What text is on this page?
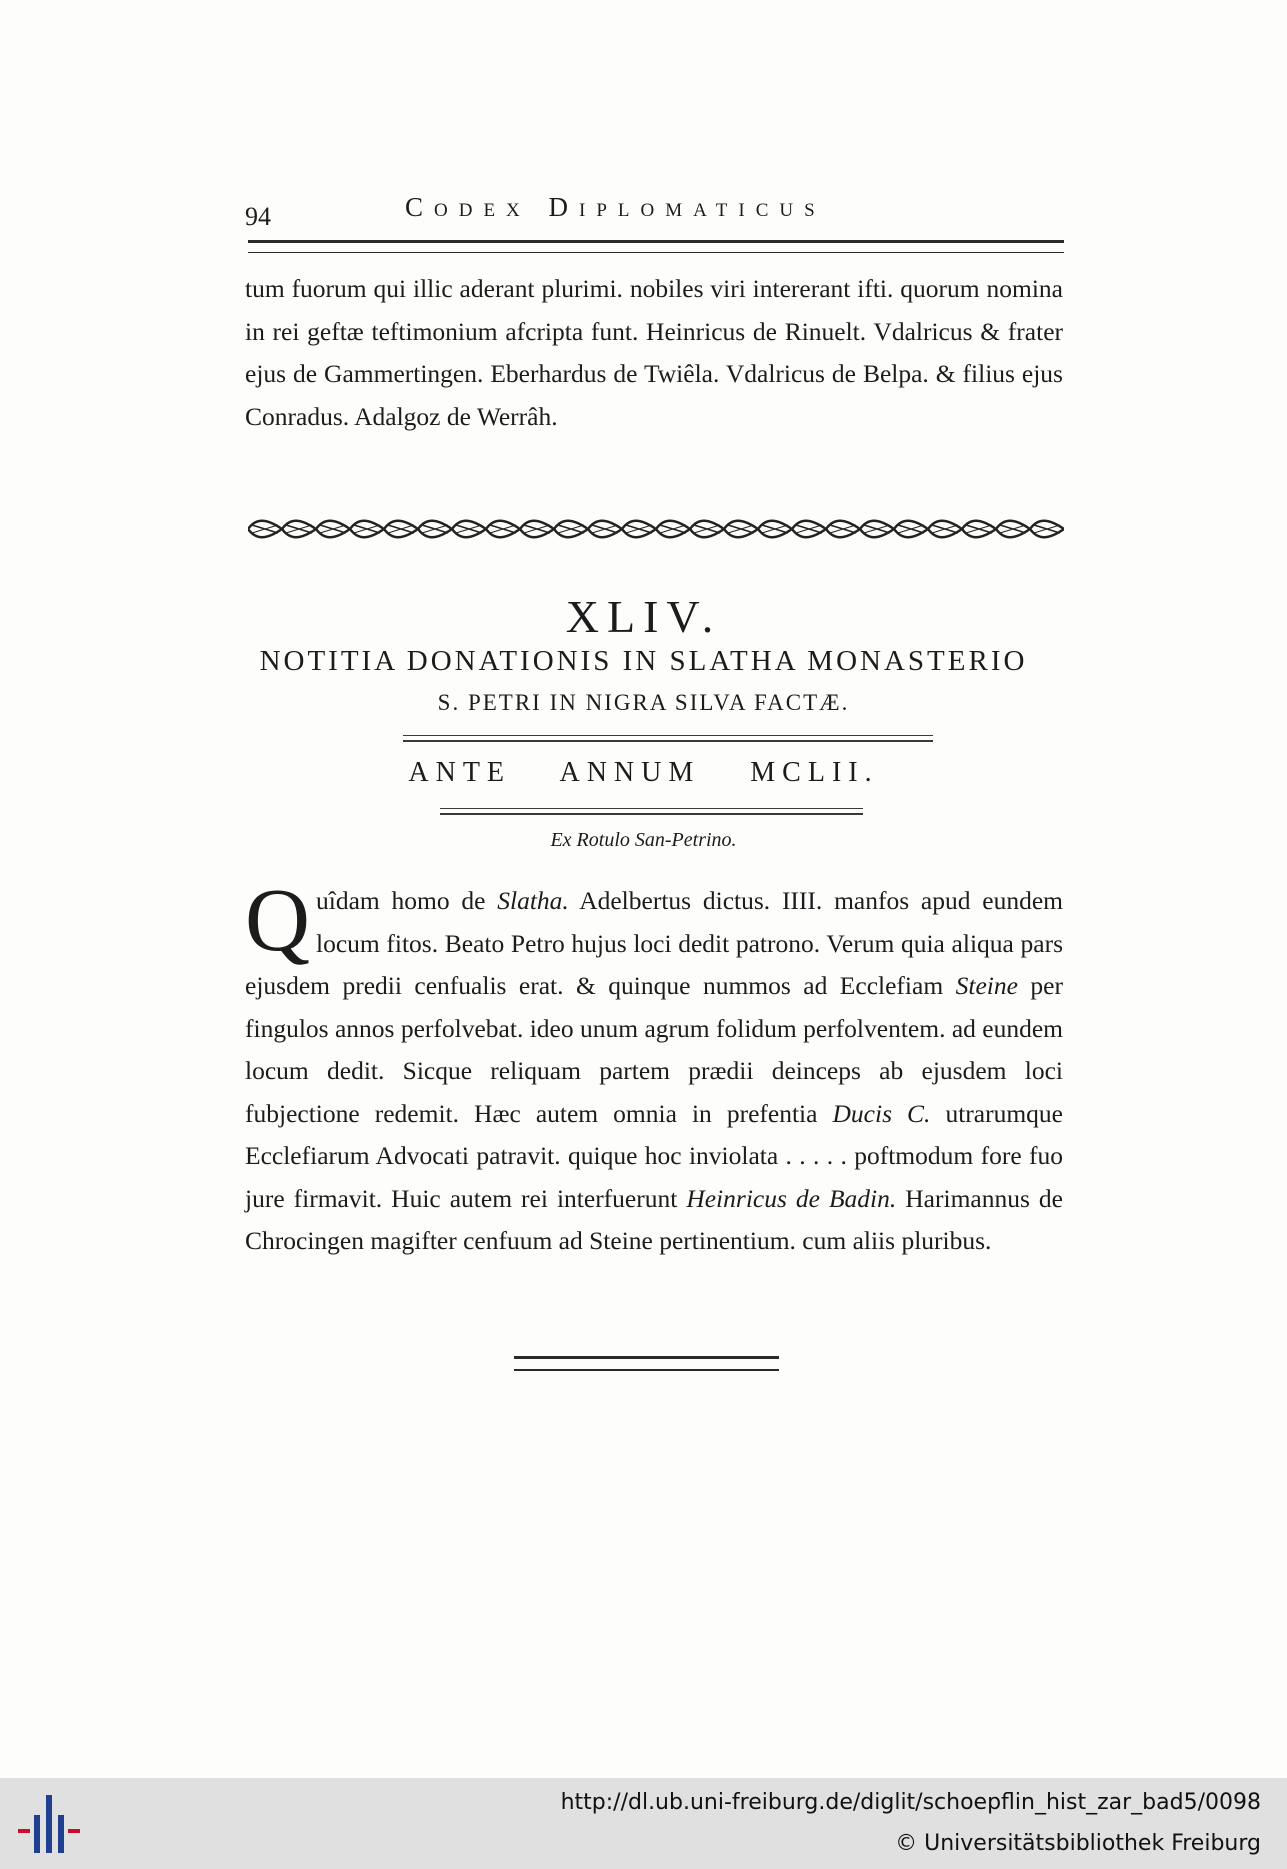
94	Codex Diplomaticus

tum fuorum qui illic aderant plurimi. nobiles viri intererant ifti. quorum nomina in rei geftæ teftimonium afcripta funt. Heinricus de Rinuelt. Vdalricus & frater ejus de Gammertingen. Eberhardus de Twiêla. Vdalricus de Belpa. & filius ejus Conradus. Adalgoz de Werrâh.

XLIV.
NOTITIA DONATIONIS IN SLATHA MONASTERIO
S. PETRI IN NIGRA SILVA FACTÆ.
ANTE ANNUM MCLII.
Ex Rotulo San-Petrino.
Quîdam homo de Slatha. Adelbertus dictus. IIII. manfos apud eundem locum fitos. Beato Petro hujus loci dedit patrono. Verum quia aliqua pars ejusdem predii cenfualis erat. & quinque nummos ad Ecclefiam Steine per fingulos annos perfolvebat. ideo unum agrum folidum perfolventem. ad eundem locum dedit. Sicque reliquam partem prædii deinceps ab ejusdem loci fubjectione redemit. Hæc autem omnia in prefentia Ducis C. utrarumque Ecclefiarum Advocati patravit. quique hoc inviolata . . . . . poftmodum fore fuo jure firmavit. Huic autem rei interfuerunt Heinricus de Badin. Harimannus de Chrocingen magifter cenfuum ad Steine pertinentium. cum aliis pluribus.
http://dl.ub.uni-freiburg.de/diglit/schoepflin_hist_zar_bad5/0098
© Universitätsbibliothek Freiburg
